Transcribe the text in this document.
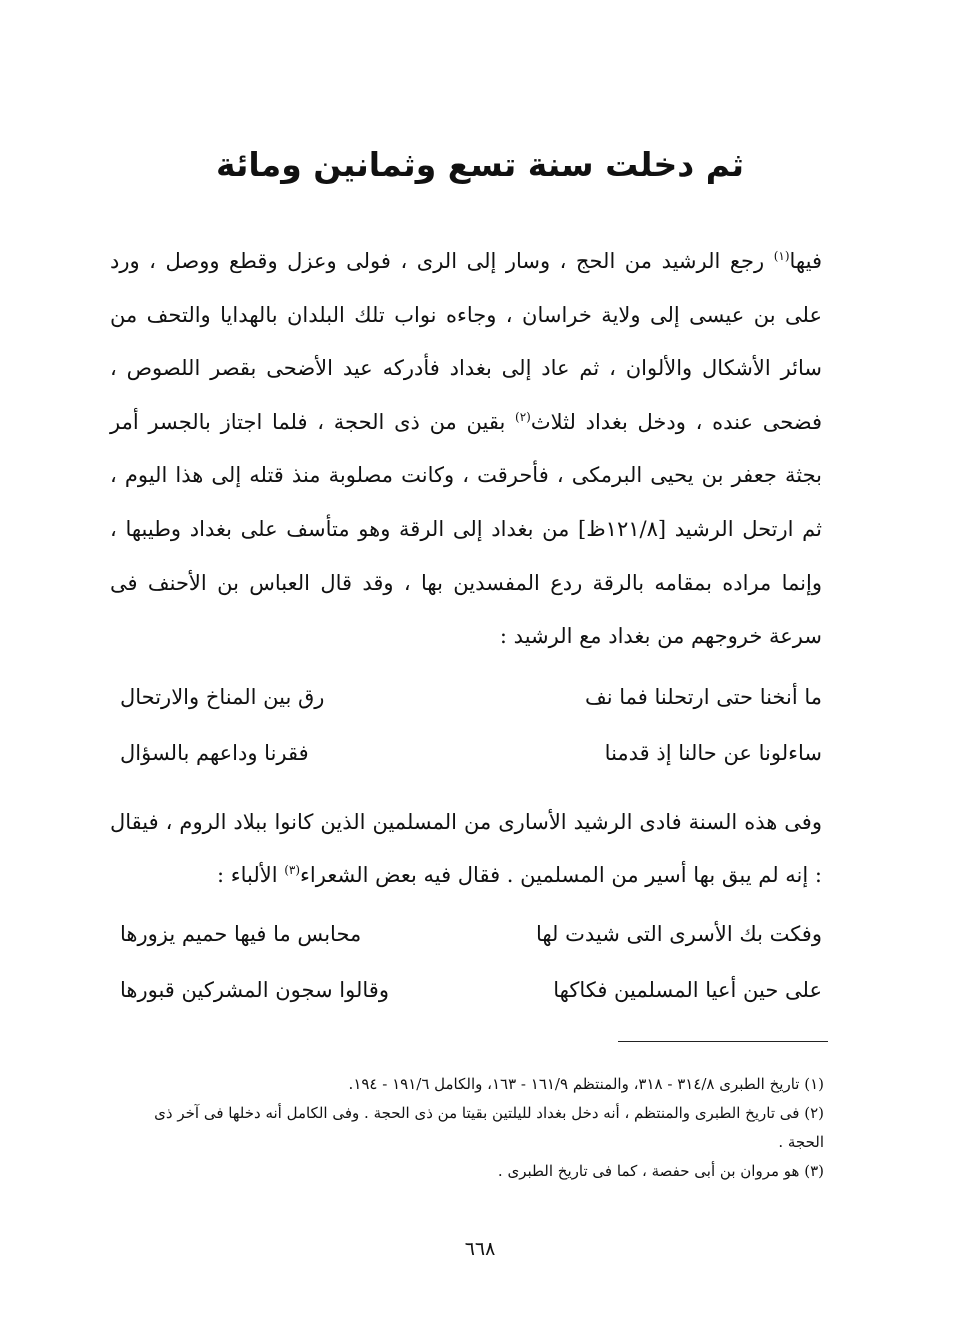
ثم دخلت سنة تسع وثمانين ومائة

فيها$^{(١)}$ رجع الرشيد من الحج ، وسار إلى الرى ، فولى وعزل وقطع ووصل ، ورد على بن عيسى إلى ولاية خراسان ، وجاءه نواب تلك البلدان بالهدايا والتحف من سائر الأشكال والألوان ، ثم عاد إلى بغداد فأدركه عيد الأضحى بقصر اللصوص ، فضحى عنده ، ودخل بغداد لثلاث$^{(٢)}$ بقين من ذى الحجة ، فلما اجتاز بالجسر أمر بجثة جعفر بن يحيى البرمكى ، فأحرقت ، وكانت مصلوبة منذ قتله إلى هذا اليوم ، ثم ارتحل الرشيد [١٢١/٨ظ] من بغداد إلى الرقة وهو متأسف على بغداد وطيبها ، وإنما مراده بمقامه بالرقة ردع المفسدين بها ، وقد قال العباس بن الأحنف فى سرعة خروجهم من بغداد مع الرشيد :

ما أنخنا حتى ارتحلنا فما نف
رق بين المناخ والارتحال
ساءلونا عن حالنا إذ قدمنا
فقرنا وداعهم بالسؤال

وفى هذه السنة فادى الرشيد الأسارى من المسلمين الذين كانوا ببلاد الروم ، فيقال : إنه لم يبق بها أسير من المسلمين . فقال فيه بعض الشعراء$^{(٣)}$ الألباء :

وفكت بك الأسرى التى شيدت لها
محابس ما فيها حميم يزورها
على حين أعيا المسلمين فكاكها
وقالوا سجون المشركين قبورها
(١) تاريخ الطبرى ٣١٤/٨ - ٣١٨، والمنتظم ١٦١/٩ - ١٦٣، والكامل ١٩١/٦ - ١٩٤.
(٢) فى تاريخ الطبرى والمنتظم ، أنه دخل بغداد لليلتين بقيتا من ذى الحجة . وفى الكامل أنه دخلها فى آخر ذى الحجة .
(٣) هو مروان بن أبى حفصة ، كما فى تاريخ الطبرى .
٦٦٨
